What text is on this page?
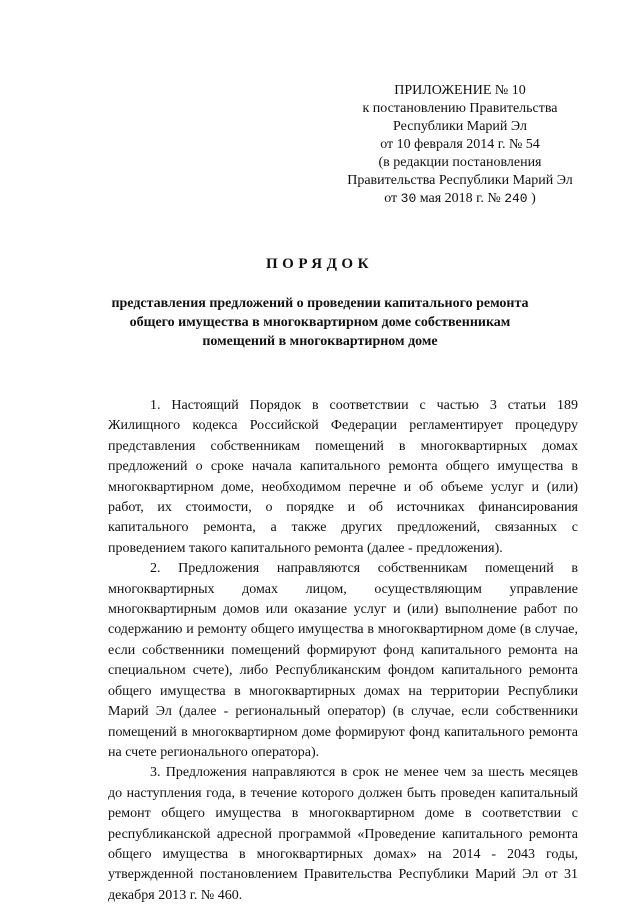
ПРИЛОЖЕНИЕ № 10
к постановлению Правительства
Республики Марий Эл
от 10 февраля 2014 г. № 54
(в редакции постановления
Правительства Республики Марий Эл
от 30 мая 2018 г. № 240 )
ПОРЯДОК
представления предложений о проведении капитального ремонта общего имущества в многоквартирном доме собственникам помещений в многоквартирном доме

1. Настоящий Порядок в соответствии с частью 3 статьи 189 Жилищного кодекса Российской Федерации регламентирует процедуру представления собственникам помещений в многоквартирных домах предложений о сроке начала капитального ремонта общего имущества в многоквартирном доме, необходимом перечне и об объеме услуг и (или) работ, их стоимости, о порядке и об источниках финансирования капитального ремонта, а также других предложений, связанных с проведением такого капитального ремонта (далее - предложения).

2. Предложения направляются собственникам помещений в многоквартирных домах лицом, осуществляющим управление многоквартирным домов или оказание услуг и (или) выполнение работ по содержанию и ремонту общего имущества в многоквартирном доме (в случае, если собственники помещений формируют фонд капитального ремонта на специальном счете), либо Республиканским фондом капитального ремонта общего имущества в многоквартирных домах на территории Республики Марий Эл (далее - региональный оператор) (в случае, если собственники помещений в многоквартирном доме формируют фонд капитального ремонта на счете регионального оператора).

3. Предложения направляются в срок не менее чем за шесть месяцев до наступления года, в течение которого должен быть проведен капитальный ремонт общего имущества в многоквартирном доме в соответствии с республиканской адресной программой «Проведение капитального ремонта общего имущества в многоквартирных домах» на 2014 - 2043 годы, утвержденной постановлением Правительства Республики Марий Эл от 31 декабря 2013 г. № 460.
